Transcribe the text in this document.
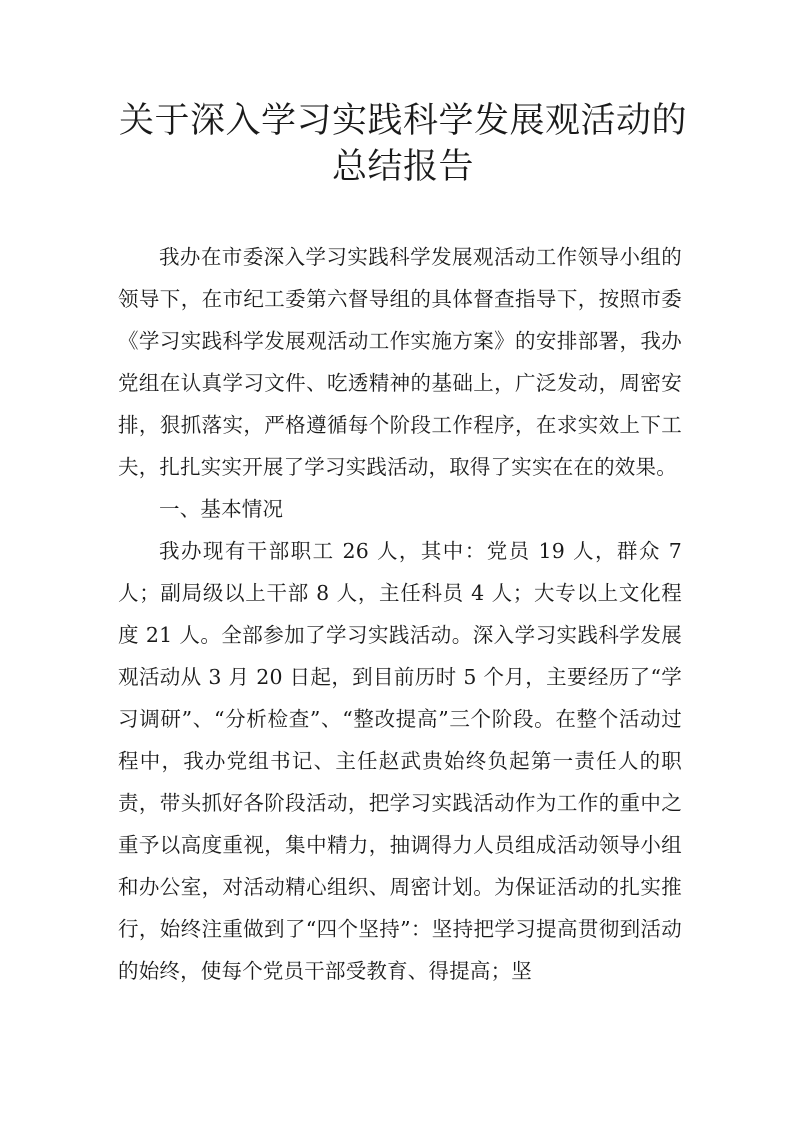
关于深入学习实践科学发展观活动的总结报告

我办在市委深入学习实践科学发展观活动工作领导小组的领导下，在市纪工委第六督导组的具体督查指导下，按照市委《学习实践科学发展观活动工作实施方案》的安排部署，我办党组在认真学习文件、吃透精神的基础上，广泛发动，周密安排，狠抓落实，严格遵循每个阶段工作程序，在求实效上下工夫，扎扎实实开展了学习实践活动，取得了实实在在的效果。

一、基本情况

我办现有干部职工 26 人，其中：党员 19 人，群众 7 人；副局级以上干部 8 人，主任科员 4 人；大专以上文化程度 21 人。全部参加了学习实践活动。深入学习实践科学发展观活动从 3 月 20 日起，到目前历时 5 个月，主要经历了“学习调研”、“分析检查”、“整改提高”三个阶段。在整个活动过程中，我办党组书记、主任赵武贵始终负起第一责任人的职责，带头抓好各阶段活动，把学习实践活动作为工作的重中之重予以高度重视，集中精力，抽调得力人员组成活动领导小组和办公室，对活动精心组织、周密计划。为保证活动的扎实推行，始终注重做到了“四个坚持”：坚持把学习提高贯彻到活动的始终，使每个党员干部受教育、得提高；坚
